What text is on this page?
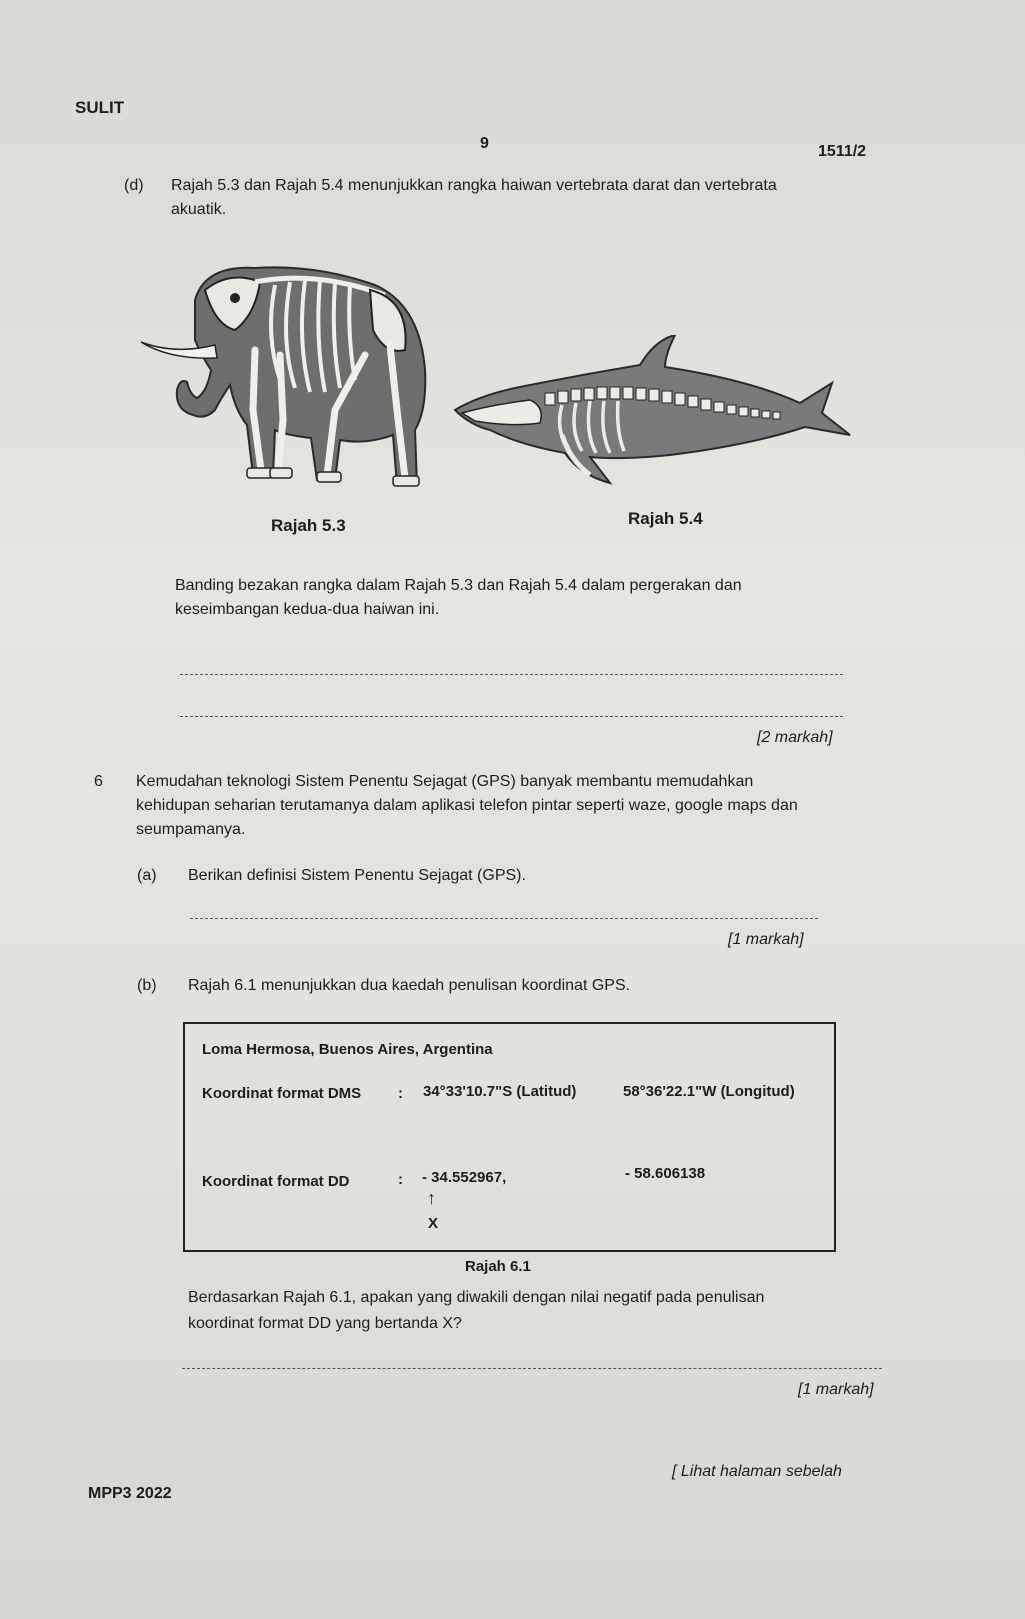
SULIT
9	1511/2
(d) Rajah 5.3 dan Rajah 5.4 menunjukkan rangka haiwan vertebrata darat dan vertebrata
akuatik.
Rajah 5.3	Rajah 5.4
Banding bezakan rangka dalam Rajah 5.3 dan Rajah 5.4 dalam pergerakan dan
keseimbangan kedua-dua haiwan ini.
[2 markah]
6 Kemudahan teknologi Sistem Penentu Sejagat (GPS) banyak membantu memudahkan
kehidupan seharian terutamanya dalam aplikasi telefon pintar seperti waze, google maps dan
seumpamanya.
(a) Berikan definisi Sistem Penentu Sejagat (GPS).
[1 markah]
(b) Rajah 6.1 menunjukkan dua kaedah penulisan koordinat GPS.
Loma Hermosa, Buenos Aires, Argentina
Koordinat format DMS : 34°33'10.7"S (Latitud)	58°36'22.1"W (Longitud)
Koordinat format DD	: - 34.552967,	- 58.606138
↑
X
Rajah 6.1
Berdasarkan Rajah 6.1, apakan yang diwakili dengan nilai negatif pada penulisan
koordinat format DD yang bertanda X?
[1 markah]
[ Lihat halaman sebelah
MPP3 2022
